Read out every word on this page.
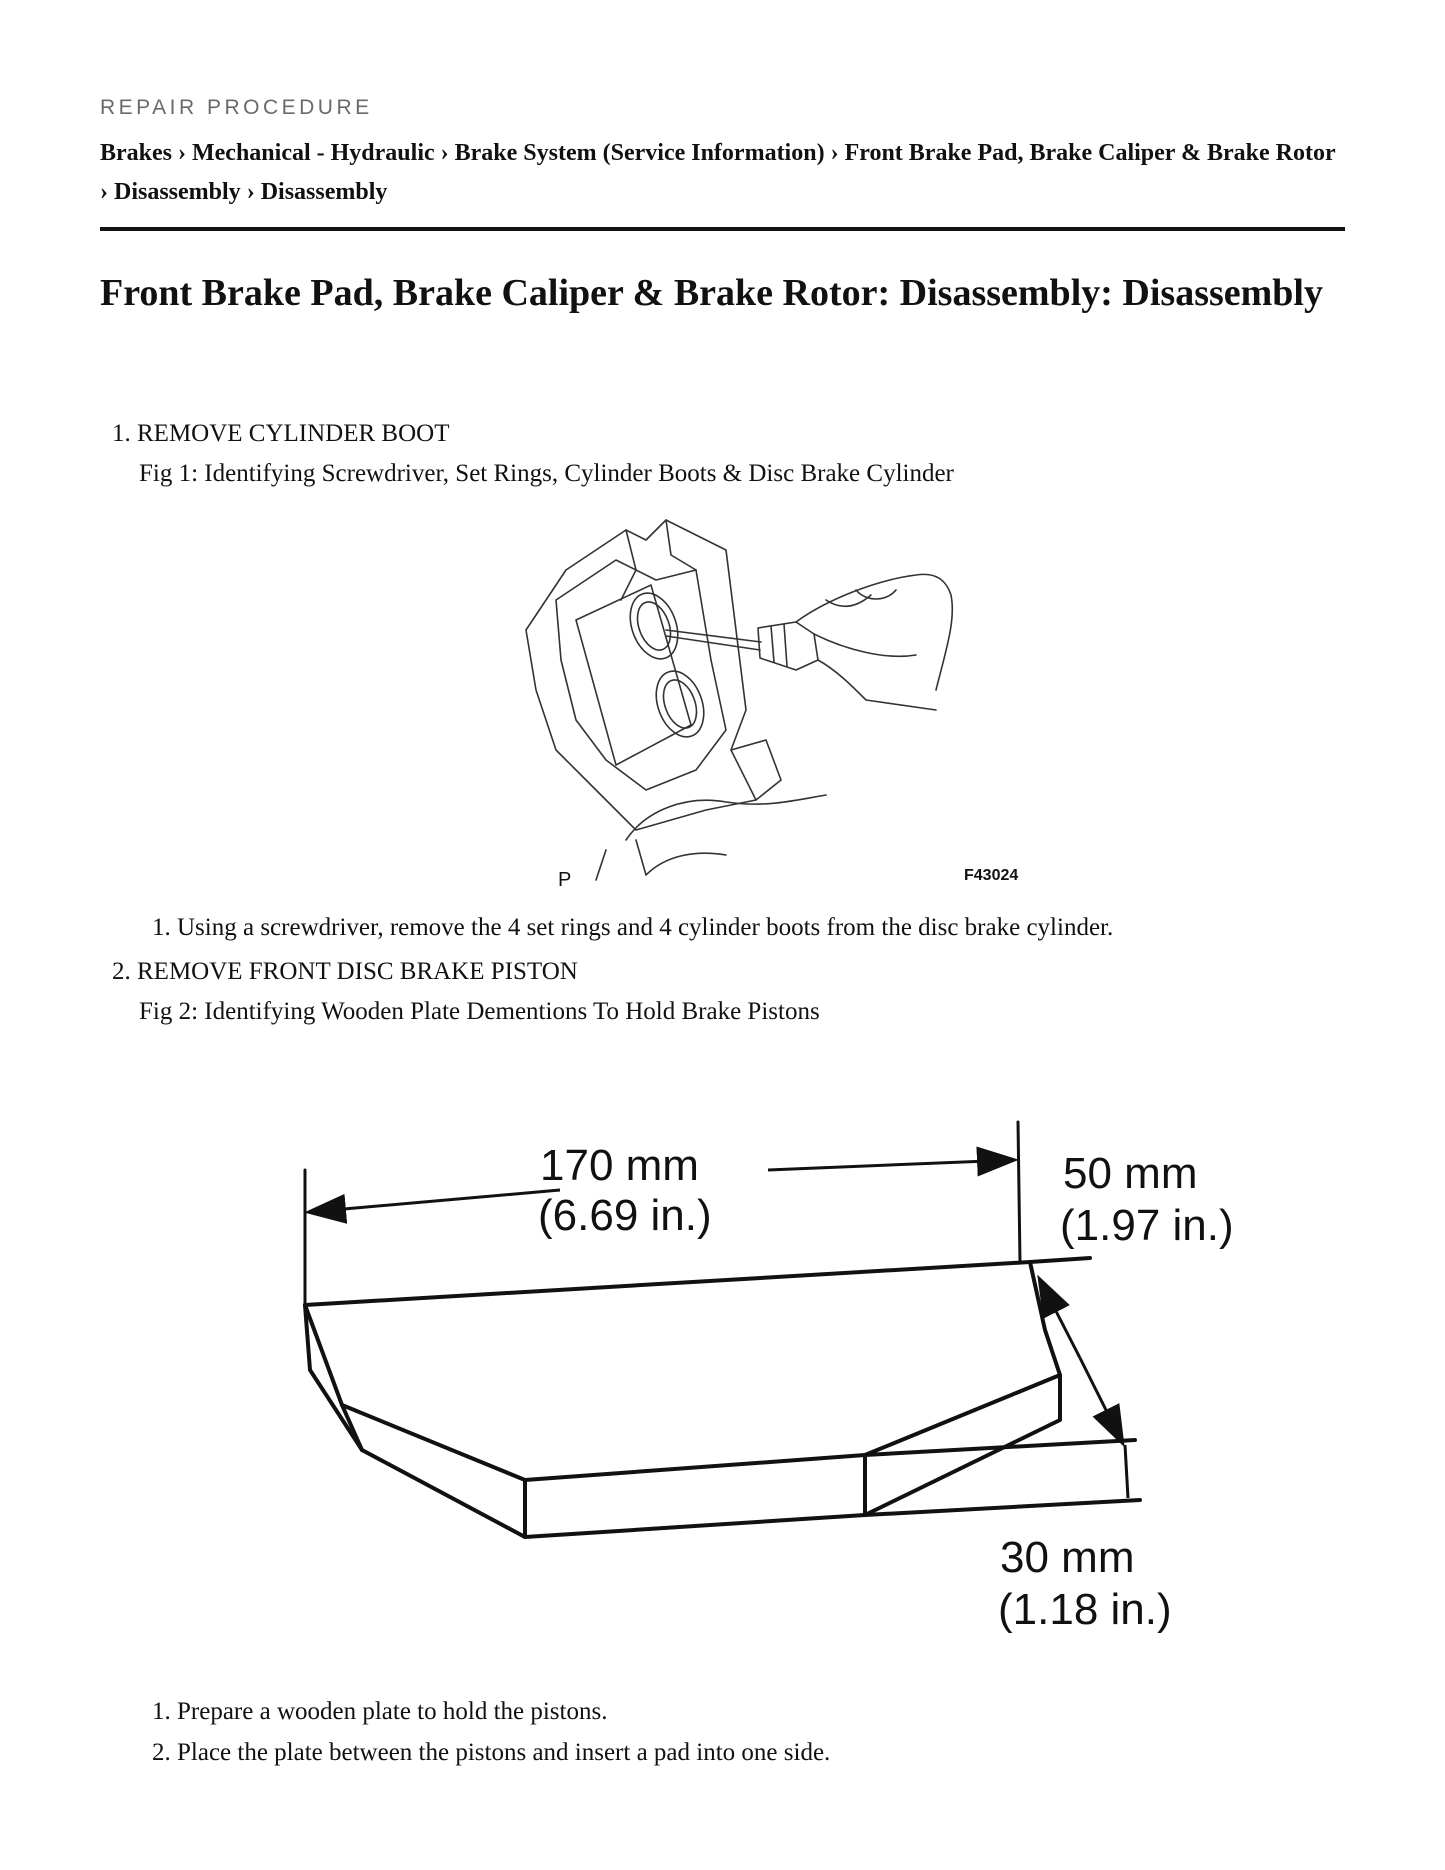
REPAIR PROCEDURE
Brakes › Mechanical - Hydraulic › Brake System (Service Information) › Front Brake Pad, Brake Caliper & Brake Rotor › Disassembly › Disassembly
Front Brake Pad, Brake Caliper & Brake Rotor: Disassembly: Disassembly
1. REMOVE CYLINDER BOOT
Fig 1: Identifying Screwdriver, Set Rings, Cylinder Boots & Disc Brake Cylinder
P	F43024
1. Using a screwdriver, remove the 4 set rings and 4 cylinder boots from the disc brake cylinder.
2. REMOVE FRONT DISC BRAKE PISTON
Fig 2: Identifying Wooden Plate Dementions To Hold Brake Pistons
170 mm
(6.69 in.)
50 mm
(1.97 in.)
30 mm
(1.18 in.)
1. Prepare a wooden plate to hold the pistons.
2. Place the plate between the pistons and insert a pad into one side.
